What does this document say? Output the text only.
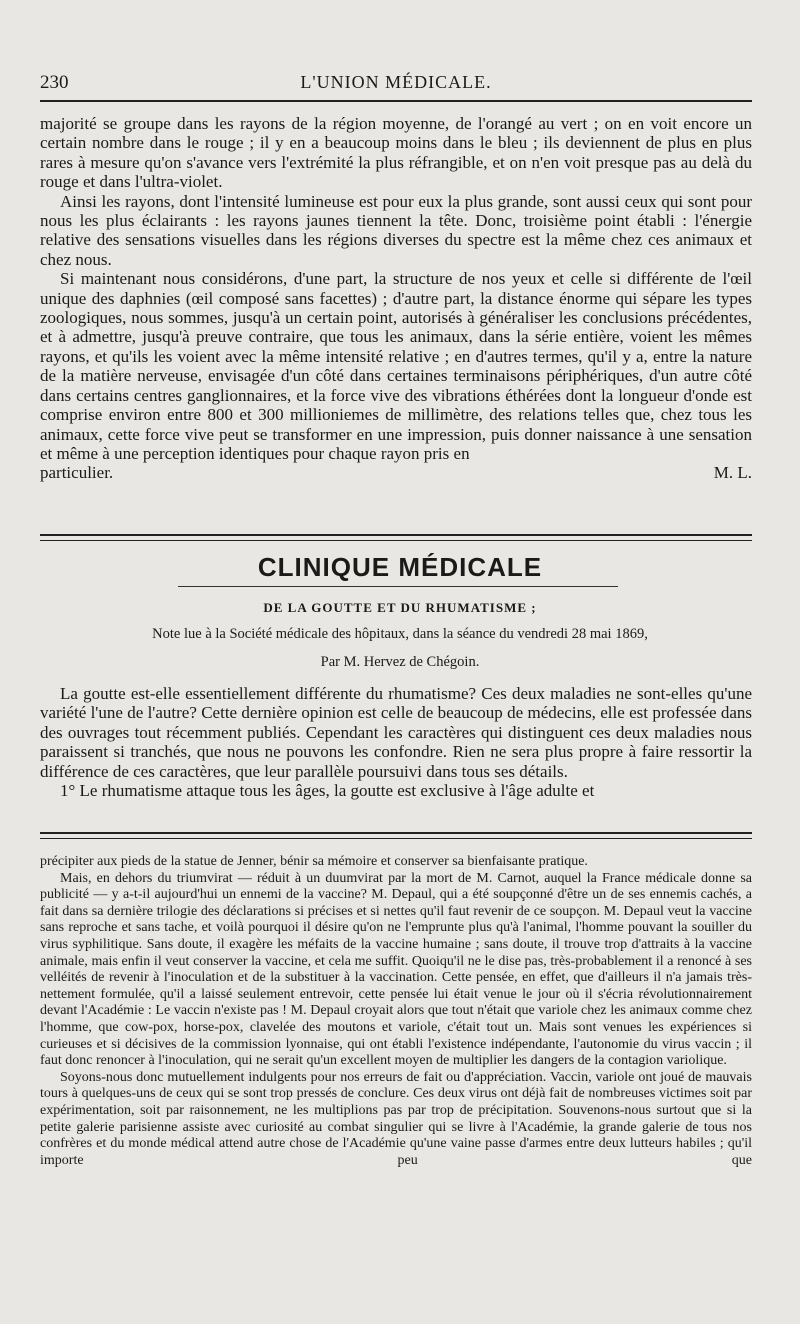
230	L'UNION MÉDICALE.

majorité se groupe dans les rayons de la région moyenne, de l'orangé au vert ; on en voit encore un certain nombre dans le rouge ; il y en a beaucoup moins dans le bleu ; ils deviennent de plus en plus rares à mesure qu'on s'avance vers l'extrémité la plus réfrangible, et on n'en voit presque pas au delà du rouge et dans l'ultra-violet.

Ainsi les rayons, dont l'intensité lumineuse est pour eux la plus grande, sont aussi ceux qui sont pour nous les plus éclairants : les rayons jaunes tiennent la tête. Donc, troisième point établi : l'énergie relative des sensations visuelles dans les régions diverses du spectre est la même chez ces animaux et chez nous.

Si maintenant nous considérons, d'une part, la structure de nos yeux et celle si différente de l'œil unique des daphnies (œil composé sans facettes) ; d'autre part, la distance énorme qui sépare les types zoologiques, nous sommes, jusqu'à un certain point, autorisés à généraliser les conclusions précédentes, et à admettre, jusqu'à preuve contraire, que tous les animaux, dans la série entière, voient les mêmes rayons, et qu'ils les voient avec la même intensité relative ; en d'autres termes, qu'il y a, entre la nature de la matière nerveuse, envisagée d'un côté dans certaines terminaisons périphériques, d'un autre côté dans certains centres ganglionnaires, et la force vive des vibrations éthérées dont la longueur d'onde est comprise environ entre 800 et 300 millioniemes de millimètre, des relations telles que, chez tous les animaux, cette force vive peut se transformer en une impression, puis donner naissance à une sensation et même à une perception identiques pour chaque rayon pris en

particulier.	M. L.
CLINIQUE MÉDICALE
DE LA GOUTTE ET DU RHUMATISME ;
Note lue à la Société médicale des hôpitaux, dans la séance du vendredi 28 mai 1869,
Par M. Hervez de Chégoin.

La goutte est-elle essentiellement différente du rhumatisme? Ces deux maladies ne sont-elles qu'une variété l'une de l'autre? Cette dernière opinion est celle de beaucoup de médecins, elle est professée dans des ouvrages tout récemment publiés. Cependant les caractères qui distinguent ces deux maladies nous paraissent si tranchés, que nous ne pouvons les confondre. Rien ne sera plus propre à faire ressortir la différence de ces caractères, que leur parallèle poursuivi dans tous ses détails.

1° Le rhumatisme attaque tous les âges, la goutte est exclusive à l'âge adulte et

précipiter aux pieds de la statue de Jenner, bénir sa mémoire et conserver sa bienfaisante pratique.

Mais, en dehors du triumvirat — réduit à un duumvirat par la mort de M. Carnot, auquel la France médicale donne sa publicité — y a-t-il aujourd'hui un ennemi de la vaccine? M. Depaul, qui a été soupçonné d'être un de ses ennemis cachés, a fait dans sa dernière trilogie des déclarations si précises et si nettes qu'il faut revenir de ce soupçon. M. Depaul veut la vaccine sans reproche et sans tache, et voilà pourquoi il désire qu'on ne l'emprunte plus qu'à l'animal, l'homme pouvant la souiller du virus syphilitique. Sans doute, il exagère les méfaits de la vaccine humaine ; sans doute, il trouve trop d'attraits à la vaccine animale, mais enfin il veut conserver la vaccine, et cela me suffit. Quoiqu'il ne le dise pas, très-probablement il a renoncé à ses velléités de revenir à l'inoculation et de la substituer à la vaccination. Cette pensée, en effet, que d'ailleurs il n'a jamais très-nettement formulée, qu'il a laissé seulement entrevoir, cette pensée lui était venue le jour où il s'écria révolutionnairement devant l'Académie : Le vaccin n'existe pas ! M. Depaul croyait alors que tout n'était que variole chez les animaux comme chez l'homme, que cow-pox, horse-pox, clavelée des moutons et variole, c'était tout un. Mais sont venues les expériences si curieuses et si décisives de la commission lyonnaise, qui ont établi l'existence indépendante, l'autonomie du virus vaccin ; il faut donc renoncer à l'inoculation, qui ne serait qu'un excellent moyen de multiplier les dangers de la contagion variolique.

Soyons-nous donc mutuellement indulgents pour nos erreurs de fait ou d'appréciation. Vaccin, variole ont joué de mauvais tours à quelques-uns de ceux qui se sont trop pressés de conclure. Ces deux virus ont déjà fait de nombreuses victimes soit par expérimentation, soit par raisonnement, ne les multiplions pas par trop de précipitation. Souvenons-nous surtout que si la petite galerie parisienne assiste avec curiosité au combat singulier qui se livre à l'Académie, la grande galerie de tous nos confrères et du monde médical attend autre chose de l'Académie qu'une vaine passe d'armes entre deux lutteurs habiles ; qu'il importe peu que
